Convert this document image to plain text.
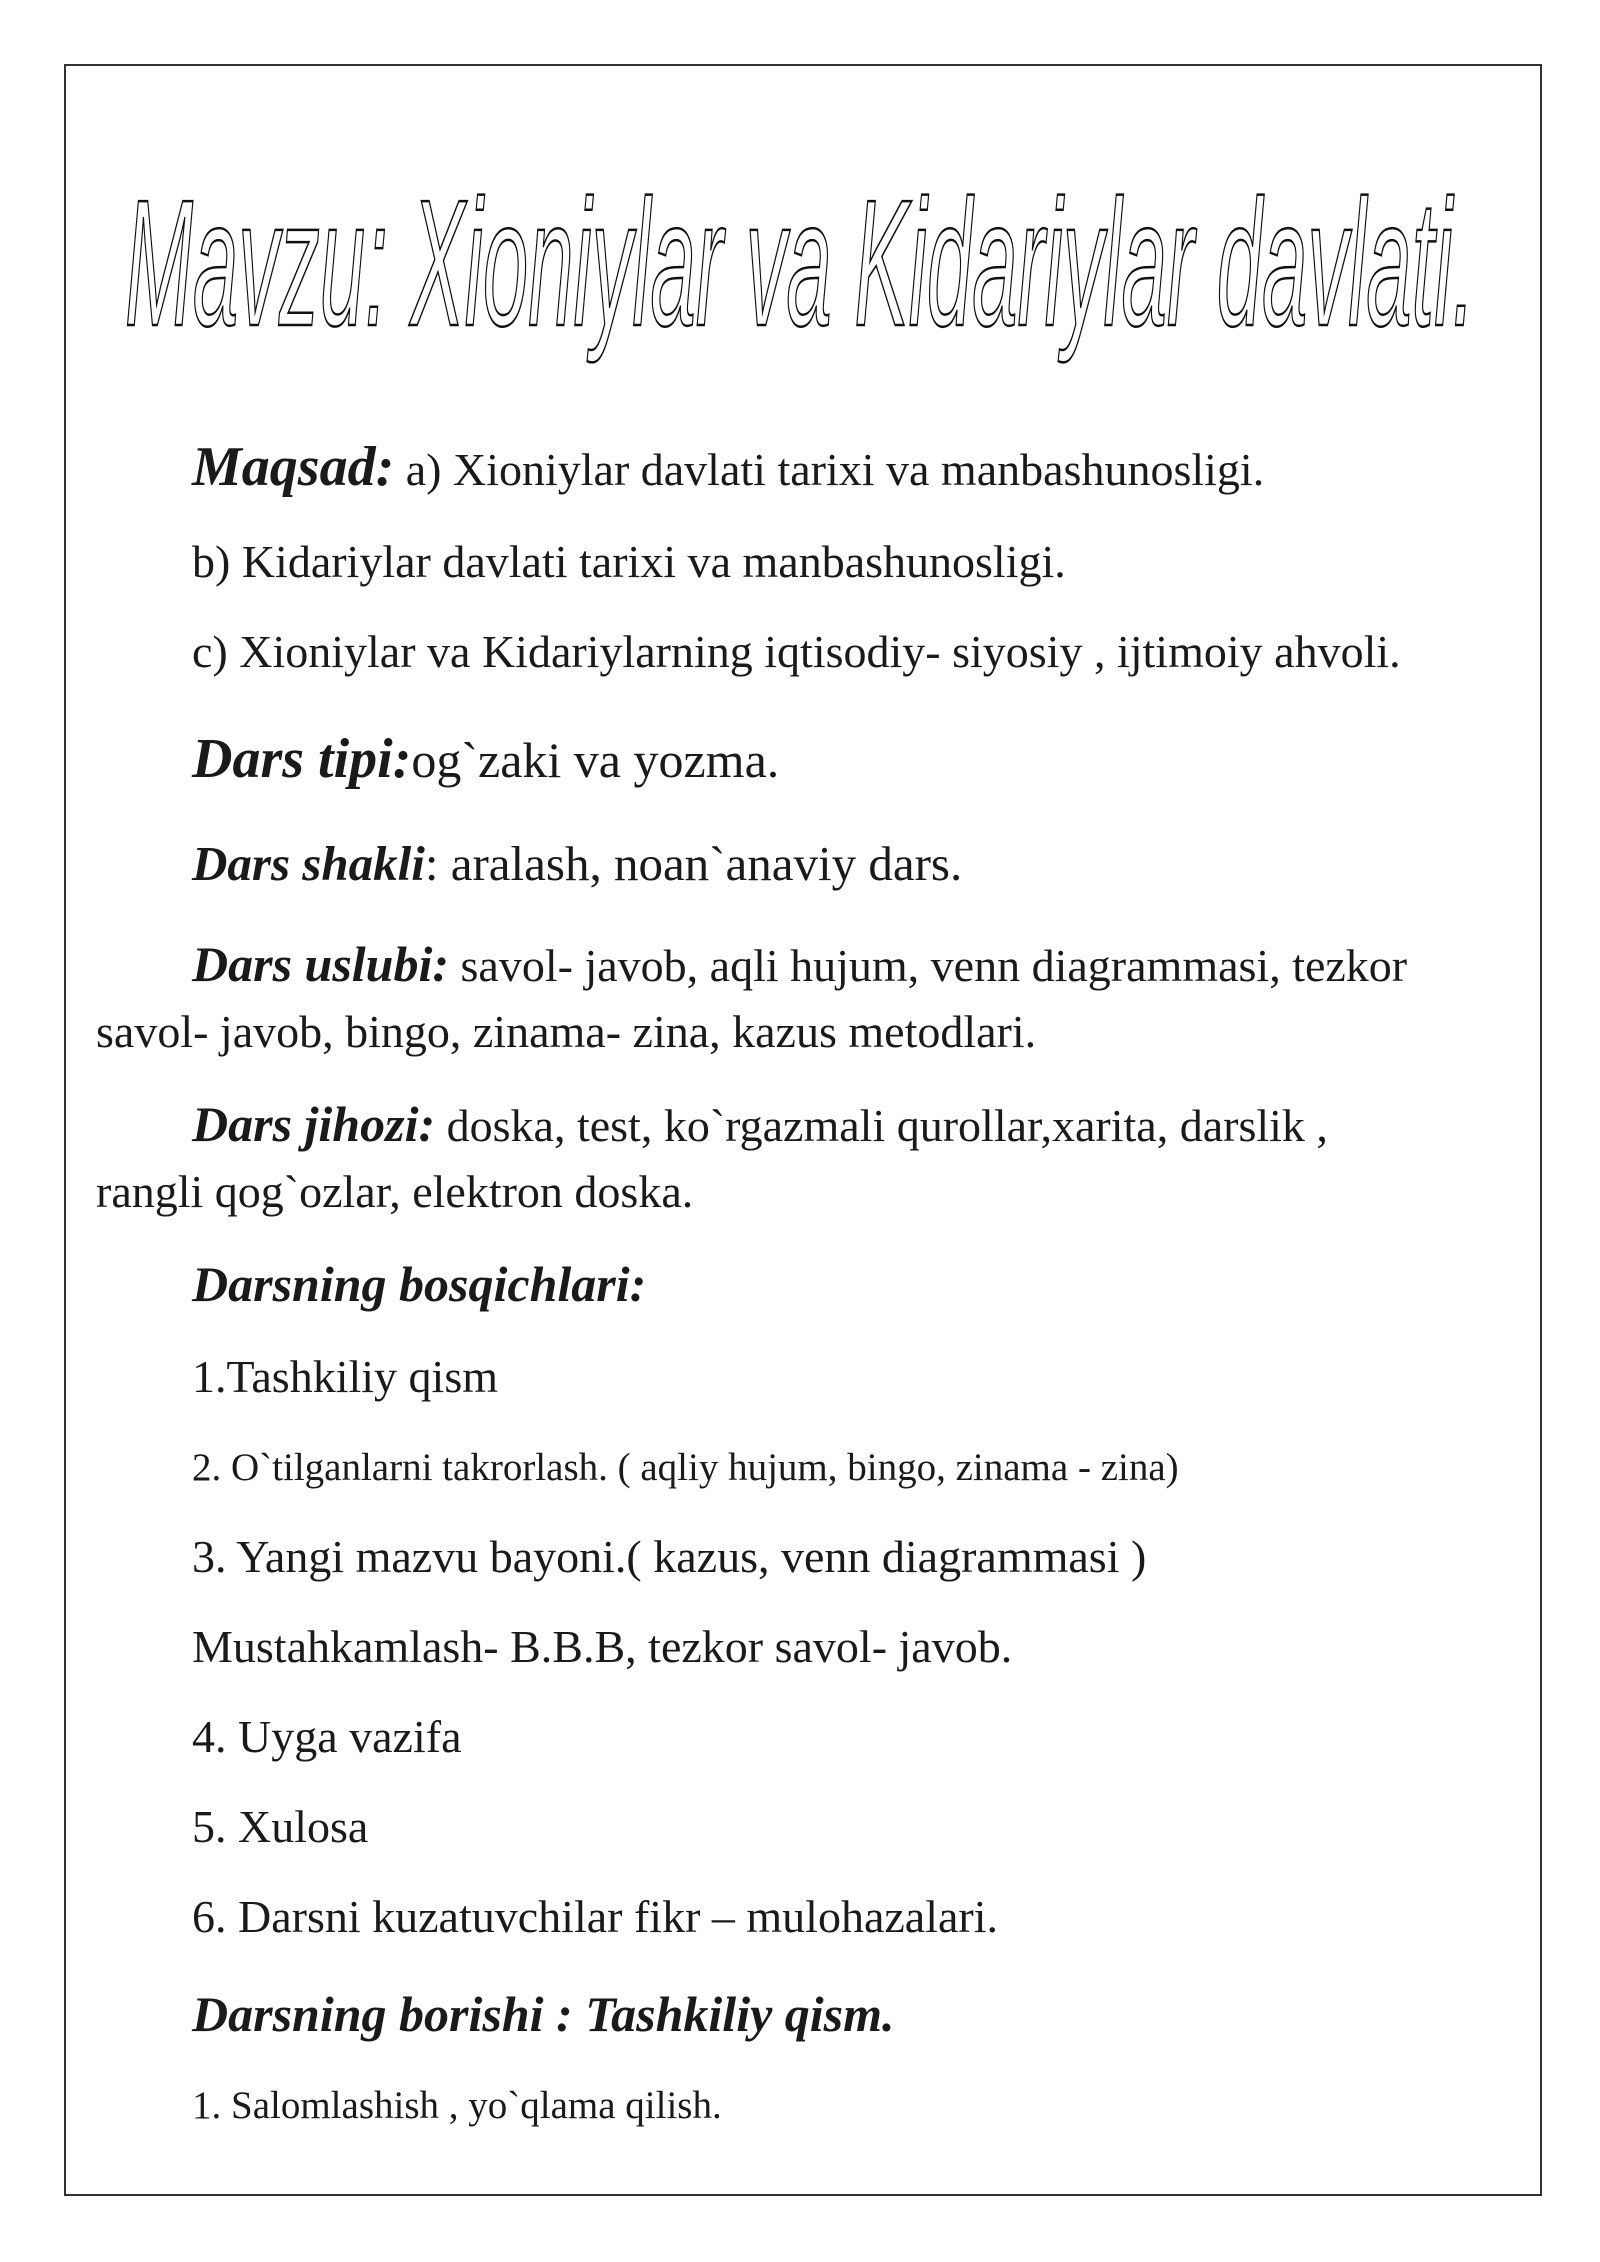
Mavzu: Xioniylar va Kidariylar davlati.
Maqsad: a) Xioniylar davlati tarixi va manbashunosligi.
b) Kidariylar davlati tarixi va manbashunosligi.
c) Xioniylar va Kidariylarning iqtisodiy- siyosiy , ijtimoiy ahvoli.
Dars tipi:og`zaki va yozma.
Dars shakli: aralash, noan`anaviy dars.
Dars uslubi: savol- javob, aqli hujum, venn diagrammasi, tezkor
savol- javob, bingo, zinama- zina, kazus metodlari.
Dars jihozi: doska, test, ko`rgazmali qurollar,xarita, darslik ,
rangli qog`ozlar, elektron doska.
Darsning bosqichlari:
1.Tashkiliy qism
2. O`tilganlarni takrorlash. ( aqliy hujum, bingo, zinama - zina)
3. Yangi mazvu bayoni.( kazus, venn diagrammasi )
Mustahkamlash- B.B.B, tezkor savol- javob.
4. Uyga vazifa
5. Xulosa
6. Darsni kuzatuvchilar fikr – mulohazalari.
Darsning borishi : Tashkiliy qism.
1. Salomlashish , yo`qlama qilish.
